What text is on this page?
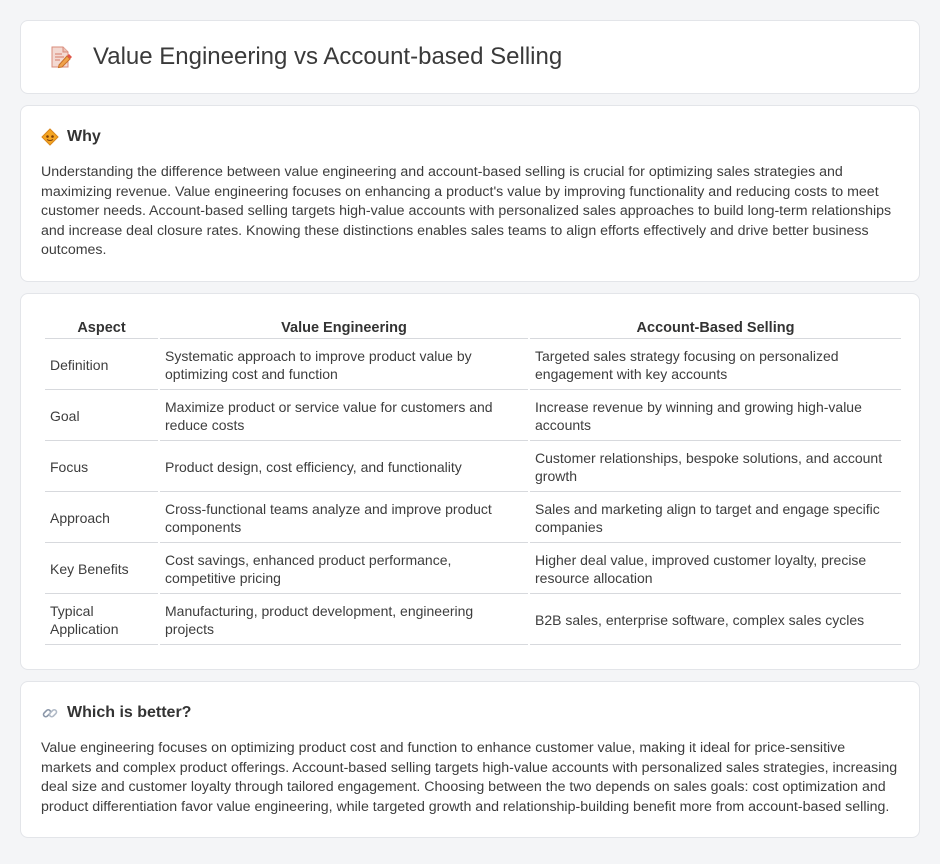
Value Engineering vs Account-based Selling
Why

Understanding the difference between value engineering and account-based selling is crucial for optimizing sales strategies and maximizing revenue. Value engineering focuses on enhancing a product's value by improving functionality and reducing costs to meet customer needs. Account-based selling targets high-value accounts with personalized sales approaches to build long-term relationships and increase deal closure rates. Knowing these distinctions enables sales teams to align efforts effectively and drive better business outcomes.

Aspect	Value Engineering	Account-Based Selling
Definition	Systematic approach to improve product value by optimizing cost and function	Targeted sales strategy focusing on personalized engagement with key accounts
Goal	Maximize product or service value for customers and reduce costs	Increase revenue by winning and growing high-value accounts
Focus	Product design, cost efficiency, and functionality	Customer relationships, bespoke solutions, and account growth
Approach	Cross-functional teams analyze and improve product components	Sales and marketing align to target and engage specific companies
Key Benefits	Cost savings, enhanced product performance, competitive pricing	Higher deal value, improved customer loyalty, precise resource allocation
Typical Application	Manufacturing, product development, engineering projects	B2B sales, enterprise software, complex sales cycles
Which is better?

Value engineering focuses on optimizing product cost and function to enhance customer value, making it ideal for price-sensitive markets and complex product offerings. Account-based selling targets high-value accounts with personalized sales strategies, increasing deal size and customer loyalty through tailored engagement. Choosing between the two depends on sales goals: cost optimization and product differentiation favor value engineering, while targeted growth and relationship-building benefit more from account-based selling.
